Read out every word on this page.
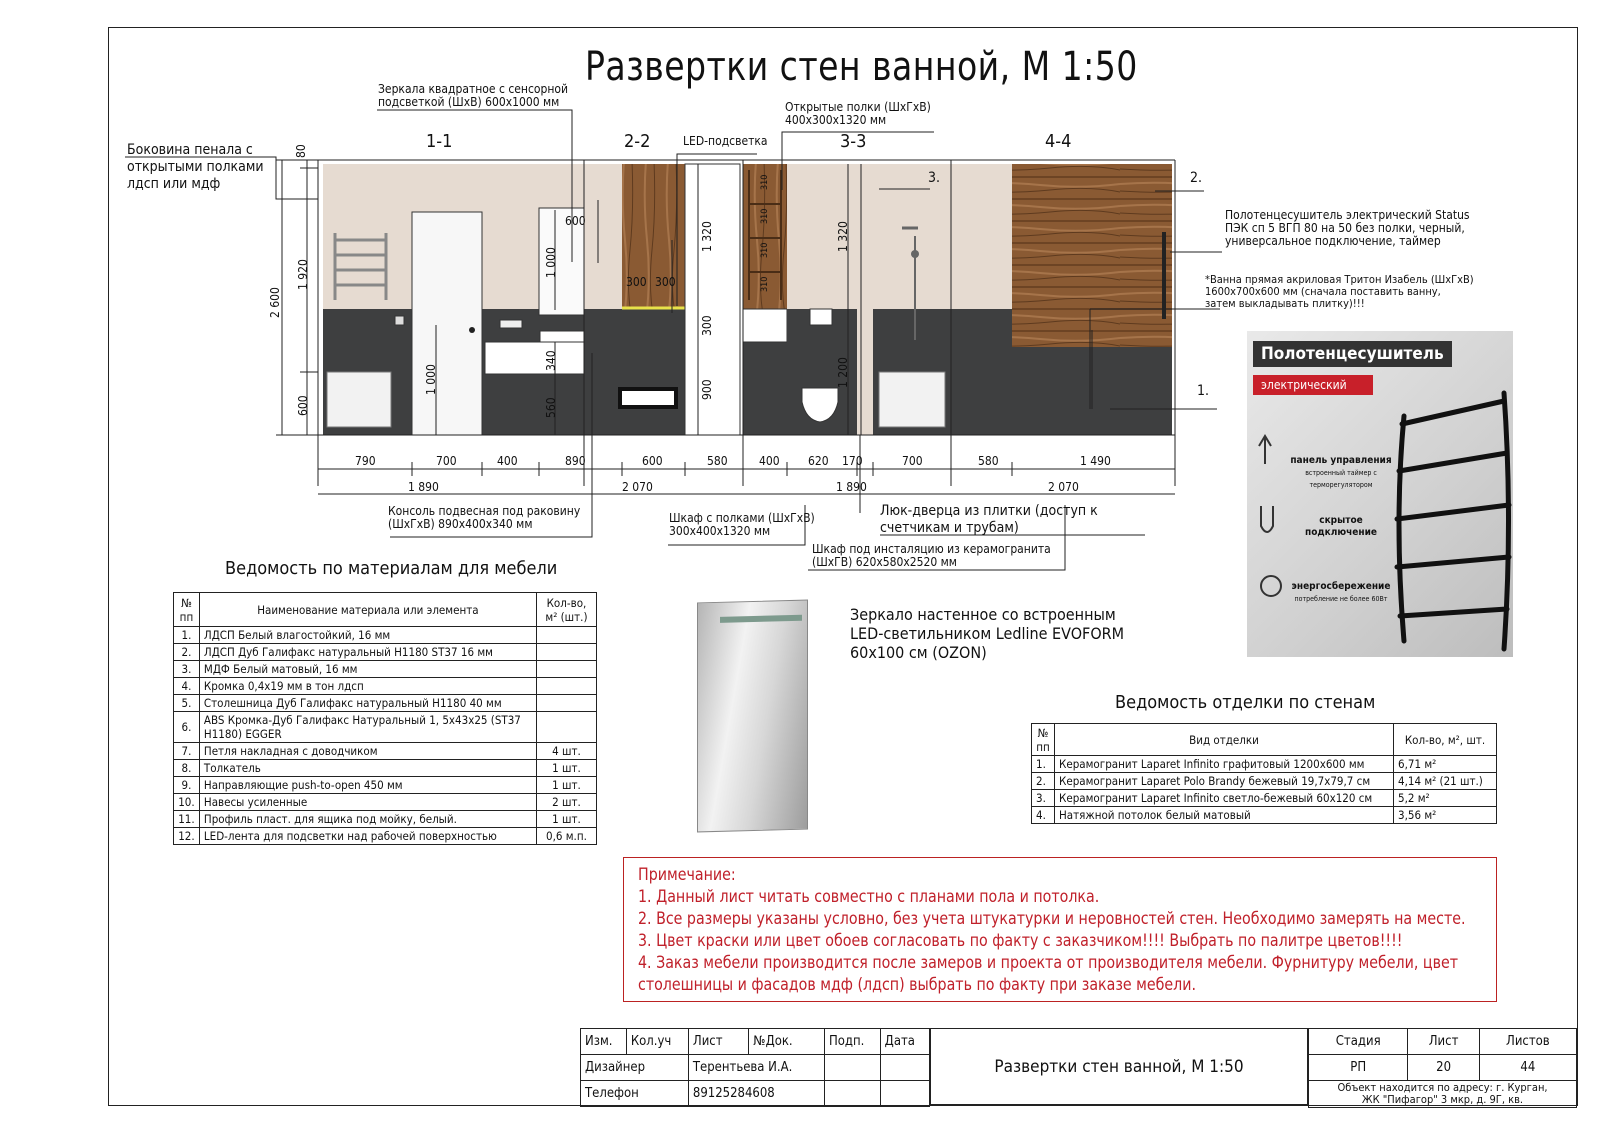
Развертки стен ванной, М 1:50
1-1	2-2	3-3	4-4
Боковина пенала с
открытыми полками
лдсп или мдф
Зеркала квадратное с сенсорной
подсветкой (ШхВ) 600x1000 мм
LED-подсветка
Открытые полки (ШхГхВ)
400x300x1320 мм
Полотенцесушитель электрический Status
ПЭК сп 5 ВГП 80 на 50 без полки, черный,
универсальное подключение, таймер
*Ванна прямая акриловая Тритон Изабель (ШхГхВ)
1600x700x600 мм (сначала поставить ванну,
затем выкладывать плитку)!!!
Консоль подвесная под раковину
(ШхГхВ) 890x400x340 мм	Шкаф с полками (ШхГхВ)
300x400x1320 мм
Люк-дверца из плитки (доступ к
счетчикам и трубам)
Шкаф под инсталяцию из керамогранита
(ШхГВ) 620x580x2520 мм
1.
2.
3.
80
1 920
600
2 600
1 000
1 000
340
560
300
1 320
900
1 320
1 200
600
300 300
310
310
310
310
790	700	400	890	600	580	400 620 170	700	580	1 490
1 890	2 070	1 890	2 070
Ведомость по материалам для мебели
№ пп	Наименование материала или элемента	Кол-во, м² (шт.)
1.	ЛДСП Белый влагостойкий, 16 мм	
2.	ЛДСП Дуб Галифакс натуральный H1180 ST37 16 мм	
3.	МДФ Белый матовый, 16 мм	
4.	Кромка 0,4x19 мм в тон лдсп	
5.	Столешница Дуб Галифакс натуральный H1180 40 мм	
6.	ABS Кромка-Дуб Галифакс Натуральный 1, 5x43x25 (ST37 H1180) EGGER	
7.	Петля накладная с доводчиком	4 шт.
8.	Толкатель	1 шт.
9.	Направляющие push-to-open 450 мм	1 шт.
10.	Навесы усиленные	2 шт.
11.	Профиль пласт. для ящика под мойку, белый.	1 шт.
12.	LED-лента для подсветки над рабочей поверхностью	0,6 м.п.
Зеркало настенное со встроенным
LED-светильником Ledline EVOFORM
60x100 см (OZON)
Полотенцесушитель
электрический
панель управления
встроенный таймер с терморегулятором
скрытое подключение
энергосбережение
потребление не более 60Вт
Ведомость отделки по стенам
№ пп	Вид отделки	Кол-во, м², шт.
1.	Керамогранит Laparet Infinito графитовый 1200x600 мм	6,71 м²
2.	Керамогранит Laparet Polo Brandy бежевый 19,7x79,7 см	4,14 м² (21 шт.)
3.	Керамогранит Laparet Infinito светло-бежевый 60x120 см	5,2 м²
4.	Натяжной потолок белый матовый	3,56 м²
Примечание:
1. Данный лист читать совместно с планами пола и потолка.
2. Все размеры указаны условно, без учета штукатурки и неровностей стен. Необходимо замерять на месте.
3. Цвет краски или цвет обоев согласовать по факту с заказчиком!!!! Выбрать по палитре цветов!!!!
4. Заказ мебели производится после замеров и проекта от производителя мебели. Фурнитуру мебели, цвет
столешницы и фасадов мдф (лдсп) выбрать по факту при заказе мебели.
Изм.	Кол.уч	Лист	№Док.	Подп.	Дата
Дизайнер		Терентьева И.А.			
Телефон		89125284608			
Развертки стен ванной, М 1:50
Стадия	Лист	Листов
РП	20	44

Объект находится по адресу: г. Курган,
ЖК "Пифагор" 3 мкр, д. 9Г, кв.		
